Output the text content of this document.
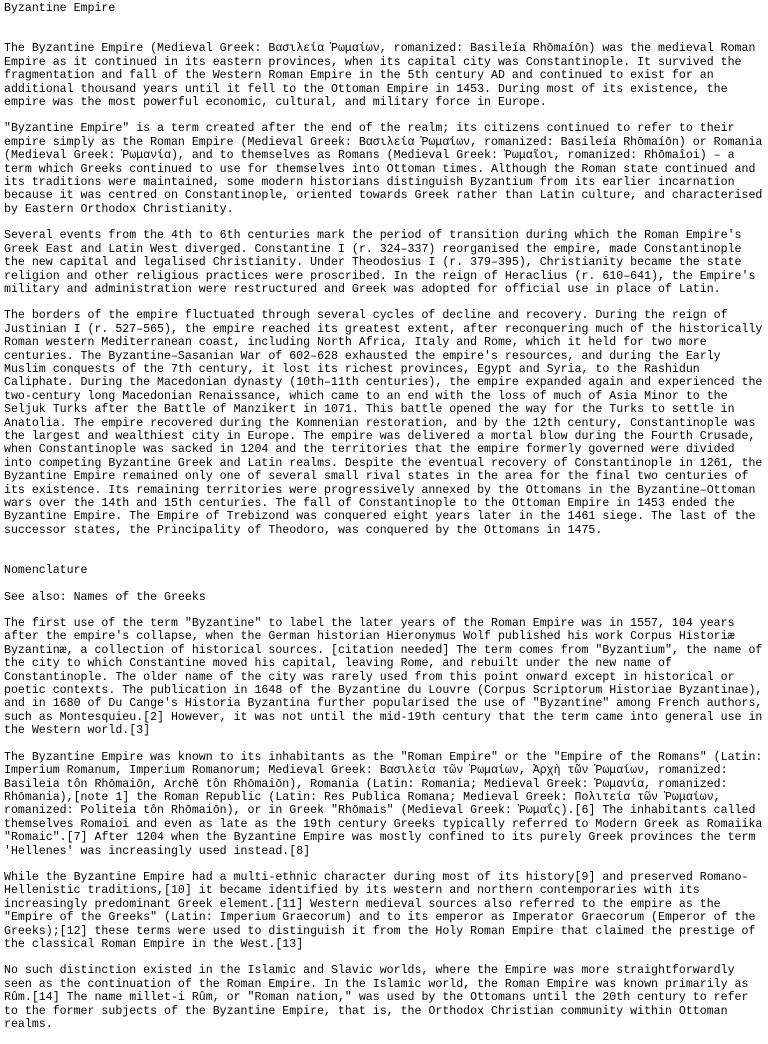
Byzantine Empire

The Byzantine Empire (Medieval Greek: Βασιλεία Ῥωμαίων, romanized: Basileía Rhōmaíōn) was the medieval Roman
Empire as it continued in its eastern provinces, when its capital city was Constantinople. It survived the
fragmentation and fall of the Western Roman Empire in the 5th century AD and continued to exist for an
additional thousand years until it fell to the Ottoman Empire in 1453. During most of its existence, the
empire was the most powerful economic, cultural, and military force in Europe.

"Byzantine Empire" is a term created after the end of the realm; its citizens continued to refer to their
empire simply as the Roman Empire (Medieval Greek: Βασιλεία Ῥωμαίων, romanized: Basileía Rhōmaíōn) or Romania
(Medieval Greek: Ῥωμανία), and to themselves as Romans (Medieval Greek: Ῥωμαῖοι, romanized: Rhōmaîoi) – a
term which Greeks continued to use for themselves into Ottoman times. Although the Roman state continued and
its traditions were maintained, some modern historians distinguish Byzantium from its earlier incarnation
because it was centred on Constantinople, oriented towards Greek rather than Latin culture, and characterised
by Eastern Orthodox Christianity.

Several events from the 4th to 6th centuries mark the period of transition during which the Roman Empire's
Greek East and Latin West diverged. Constantine I (r. 324–337) reorganised the empire, made Constantinople
the new capital and legalised Christianity. Under Theodosius I (r. 379–395), Christianity became the state
religion and other religious practices were proscribed. In the reign of Heraclius (r. 610–641), the Empire's
military and administration were restructured and Greek was adopted for official use in place of Latin.

The borders of the empire fluctuated through several cycles of decline and recovery. During the reign of
Justinian I (r. 527–565), the empire reached its greatest extent, after reconquering much of the historically
Roman western Mediterranean coast, including North Africa, Italy and Rome, which it held for two more
centuries. The Byzantine–Sasanian War of 602–628 exhausted the empire's resources, and during the Early
Muslim conquests of the 7th century, it lost its richest provinces, Egypt and Syria, to the Rashidun
Caliphate. During the Macedonian dynasty (10th–11th centuries), the empire expanded again and experienced the
two-century long Macedonian Renaissance, which came to an end with the loss of much of Asia Minor to the
Seljuk Turks after the Battle of Manzikert in 1071. This battle opened the way for the Turks to settle in
Anatolia. The empire recovered during the Komnenian restoration, and by the 12th century, Constantinople was
the largest and wealthiest city in Europe. The empire was delivered a mortal blow during the Fourth Crusade,
when Constantinople was sacked in 1204 and the territories that the empire formerly governed were divided
into competing Byzantine Greek and Latin realms. Despite the eventual recovery of Constantinople in 1261, the
Byzantine Empire remained only one of several small rival states in the area for the final two centuries of
its existence. Its remaining territories were progressively annexed by the Ottomans in the Byzantine–Ottoman
wars over the 14th and 15th centuries. The fall of Constantinople to the Ottoman Empire in 1453 ended the
Byzantine Empire. The Empire of Trebizond was conquered eight years later in the 1461 siege. The last of the
successor states, the Principality of Theodoro, was conquered by the Ottomans in 1475.

Nomenclature

See also: Names of the Greeks

The first use of the term "Byzantine" to label the later years of the Roman Empire was in 1557, 104 years
after the empire's collapse, when the German historian Hieronymus Wolf published his work Corpus Historiæ
Byzantinæ, a collection of historical sources. [citation needed] The term comes from "Byzantium", the name of
the city to which Constantine moved his capital, leaving Rome, and rebuilt under the new name of
Constantinople. The older name of the city was rarely used from this point onward except in historical or
poetic contexts. The publication in 1648 of the Byzantine du Louvre (Corpus Scriptorum Historiae Byzantinae),
and in 1680 of Du Cange's Historia Byzantina further popularised the use of "Byzantine" among French authors,
such as Montesquieu.[2] However, it was not until the mid-19th century that the term came into general use in
the Western world.[3]

The Byzantine Empire was known to its inhabitants as the "Roman Empire" or the "Empire of the Romans" (Latin:
Imperium Romanum, Imperium Romanorum; Medieval Greek: Βασιλεία τῶν Ῥωμαίων, Ἀρχὴ τῶν Ῥωμαίων, romanized:
Basileia tôn Rhōmaiōn, Archē tôn Rhōmaiōn), Romania (Latin: Romania; Medieval Greek: Ῥωμανία, romanized:
Rhōmania),[note 1] the Roman Republic (Latin: Res Publica Romana; Medieval Greek: Πολιτεία τῶν Ῥωμαίων,
romanized: Politeia tôn Rhōmaiōn), or in Greek "Rhōmais" (Medieval Greek: Ῥωμαΐς).[6] The inhabitants called
themselves Romaioi and even as late as the 19th century Greeks typically referred to Modern Greek as Romaiika
"Romaic".[7] After 1204 when the Byzantine Empire was mostly confined to its purely Greek provinces the term
'Hellenes' was increasingly used instead.[8]

While the Byzantine Empire had a multi-ethnic character during most of its history[9] and preserved Romano-
Hellenistic traditions,[10] it became identified by its western and northern contemporaries with its
increasingly predominant Greek element.[11] Western medieval sources also referred to the empire as the
"Empire of the Greeks" (Latin: Imperium Graecorum) and to its emperor as Imperator Graecorum (Emperor of the
Greeks);[12] these terms were used to distinguish it from the Holy Roman Empire that claimed the prestige of
the classical Roman Empire in the West.[13]

No such distinction existed in the Islamic and Slavic worlds, where the Empire was more straightforwardly
seen as the continuation of the Roman Empire. In the Islamic world, the Roman Empire was known primarily as
Rûm.[14] The name millet-i Rûm, or "Roman nation," was used by the Ottomans until the 20th century to refer
to the former subjects of the Byzantine Empire, that is, the Orthodox Christian community within Ottoman
realms.
